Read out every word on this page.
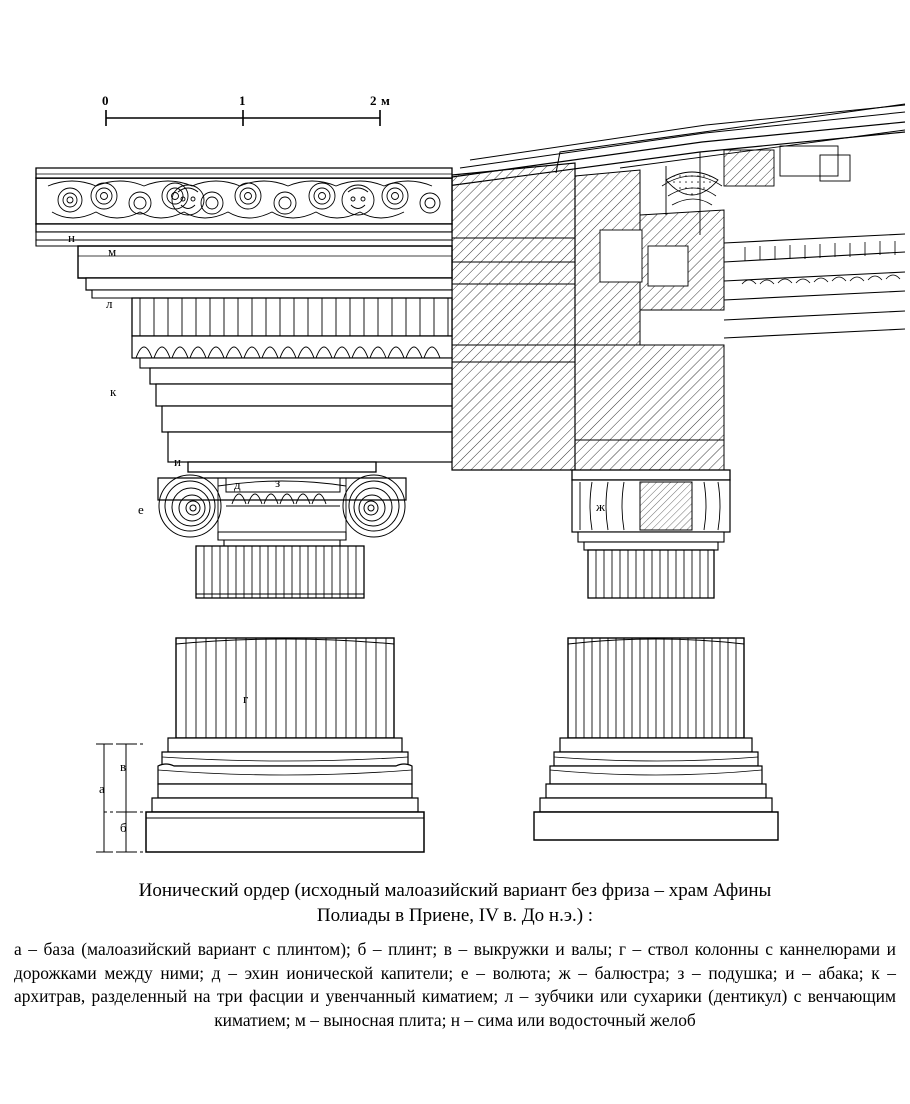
0	1	2 м
н
м
л
к
и
д	з
е	ж
г
а
в
б
Ионический ордер (исходный малоазийский вариант без фриза – храм Афины
Полиады в Приене, IV в. До н.э.) :
а – база (малоазийский вариант с плинтом); б – плинт; в – выкружки и валы; г – ствол колонны с каннелюрами и дорожками между ними; д – эхин ионической капители; е – волюта; ж – балюстра; з – подушка; и – абака; к – архитрав, разделенный на три фасции и увенчанный киматием; л – зубчики или сухарики (дентикул) с венчающим киматием; м – выносная плита; н – сима или водосточный желоб
